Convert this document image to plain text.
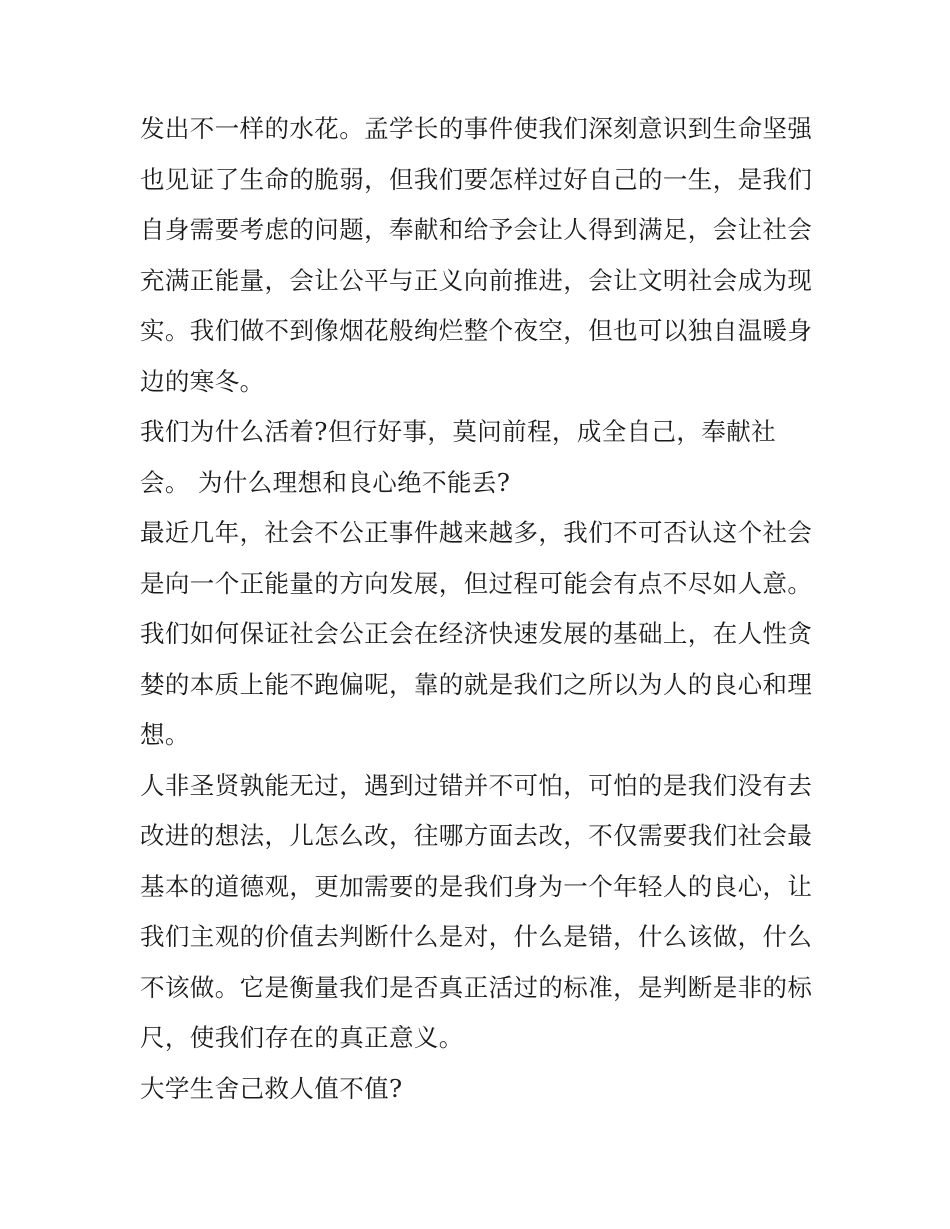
发出不一样的水花。孟学长的事件使我们深刻意识到生命坚强
也见证了生命的脆弱，但我们要怎样过好自己的一生，是我们
自身需要考虑的问题，奉献和给予会让人得到满足，会让社会
充满正能量，会让公平与正义向前推进，会让文明社会成为现
实。我们做不到像烟花般绚烂整个夜空，但也可以独自温暖身
边的寒冬。
我们为什么活着?但行好事，莫问前程，成全自己，奉献社
会。 为什么理想和良心绝不能丢?
最近几年，社会不公正事件越来越多，我们不可否认这个社会
是向一个正能量的方向发展，但过程可能会有点不尽如人意。
我们如何保证社会公正会在经济快速发展的基础上，在人性贪
婪的本质上能不跑偏呢，靠的就是我们之所以为人的良心和理
想。
人非圣贤孰能无过，遇到过错并不可怕，可怕的是我们没有去
改进的想法，儿怎么改，往哪方面去改，不仅需要我们社会最
基本的道德观，更加需要的是我们身为一个年轻人的良心，让
我们主观的价值去判断什么是对，什么是错，什么该做，什么
不该做。它是衡量我们是否真正活过的标准，是判断是非的标
尺，使我们存在的真正意义。
大学生舍己救人值不值?
